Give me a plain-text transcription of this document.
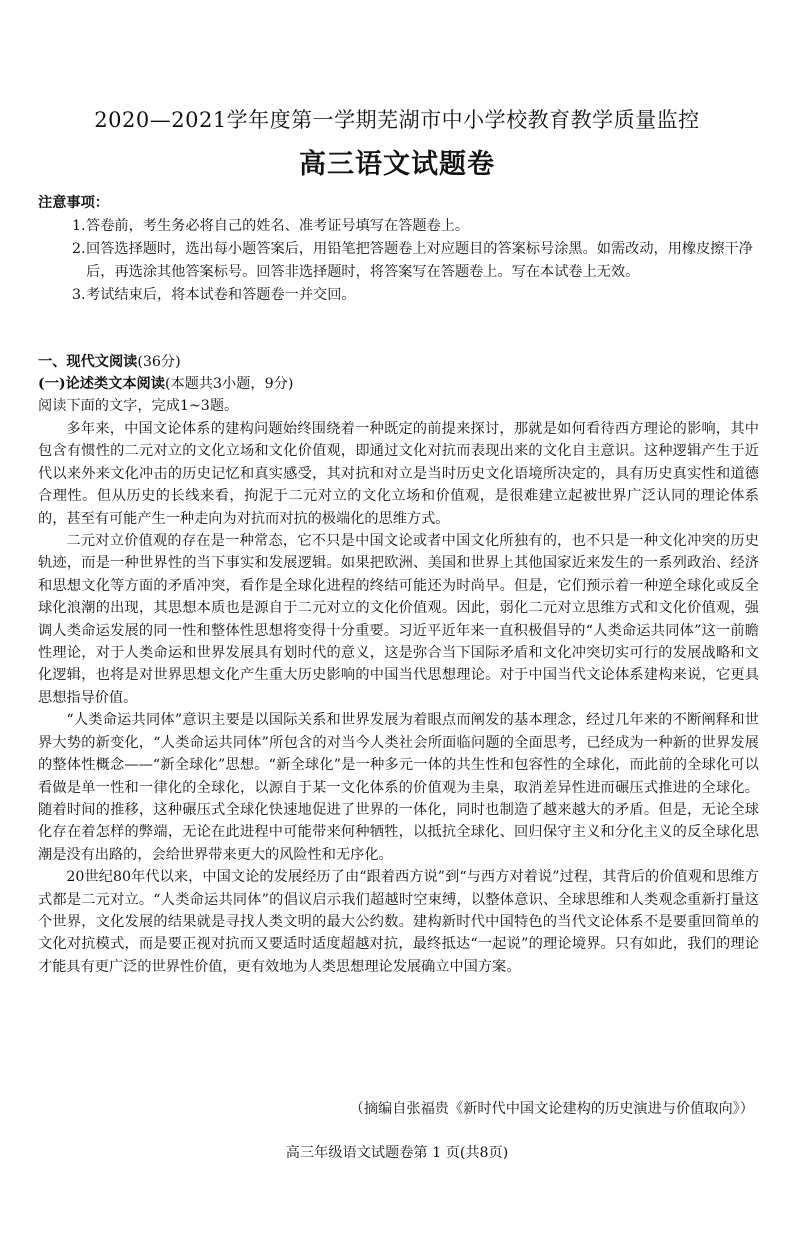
2020—2021学年度第一学期芜湖市中小学校教育教学质量监控
高三语文试题卷
注意事项：
1. 答卷前，考生务必将自己的姓名、准考证号填写在答题卷上。
2. 回答选择题时，选出每小题答案后，用铅笔把答题卷上对应题目的答案标号涂黑。如需改动，用橡皮擦干净后，再选涂其他答案标号。回答非选择题时，将答案写在答题卷上。写在本试卷上无效。
3. 考试结束后，将本试卷和答题卷一并交回。
一、现代文阅读(36分)
(一)论述类文本阅读(本题共3小题，9分)
阅读下面的文字，完成1~3题。

多年来，中国文论体系的建构问题始终围绕着一种既定的前提来探讨，那就是如何看待西方理论的影响，其中包含有惯性的二元对立的文化立场和文化价值观，即通过文化对抗而表现出来的文化自主意识。这种逻辑产生于近代以来外来文化冲击的历史记忆和真实感受，其对抗和对立是当时历史文化语境所决定的，具有历史真实性和道德合理性。但从历史的长线来看，拘泥于二元对立的文化立场和价值观，是很难建立起被世界广泛认同的理论体系的，甚至有可能产生一种走向为对抗而对抗的极端化的思维方式。

二元对立价值观的存在是一种常态，它不只是中国文论或者中国文化所独有的，也不只是一种文化冲突的历史轨迹，而是一种世界性的当下事实和发展逻辑。如果把欧洲、美国和世界上其他国家近来发生的一系列政治、经济和思想文化等方面的矛盾冲突，看作是全球化进程的终结可能还为时尚早。但是，它们预示着一种逆全球化或反全球化浪潮的出现，其思想本质也是源自于二元对立的文化价值观。因此，弱化二元对立思维方式和文化价值观，强调人类命运发展的同一性和整体性思想将变得十分重要。习近平近年来一直积极倡导的“人类命运共同体”这一前瞻性理论，对于人类命运和世界发展具有划时代的意义，这是弥合当下国际矛盾和文化冲突切实可行的发展战略和文化逻辑，也将是对世界思想文化产生重大历史影响的中国当代思想理论。对于中国当代文论体系建构来说，它更具思想指导价值。

“人类命运共同体”意识主要是以国际关系和世界发展为着眼点而阐发的基本理念，经过几年来的不断阐释和世界大势的新变化，“人类命运共同体”所包含的对当今人类社会所面临问题的全面思考，已经成为一种新的世界发展的整体性概念——“新全球化”思想。“新全球化”是一种多元一体的共生性和包容性的全球化，而此前的全球化可以看做是单一性和一律化的全球化，以源自于某一文化体系的价值观为圭臬，取消差异性进而碾压式推进的全球化。随着时间的推移，这种碾压式全球化快速地促进了世界的一体化，同时也制造了越来越大的矛盾。但是，无论全球化存在着怎样的弊端，无论在此进程中可能带来何种牺牲，以抵抗全球化、回归保守主义和分化主义的反全球化思潮是没有出路的，会给世界带来更大的风险性和无序化。

20世纪80年代以来，中国文论的发展经历了由“跟着西方说”到“与西方对着说”过程，其背后的价值观和思维方式都是二元对立。“人类命运共同体”的倡议启示我们超越时空束缚，以整体意识、全球思维和人类观念重新打量这个世界，文化发展的结果就是寻找人类文明的最大公约数。建构新时代中国特色的当代文论体系不是要重回简单的文化对抗模式，而是要正视对抗而又要适时适度超越对抗，最终抵达“一起说”的理论境界。只有如此，我们的理论才能具有更广泛的世界性价值，更有效地为人类思想理论发展确立中国方案。

（摘编自张福贵《新时代中国文论建构的历史演进与价值取向》）
高三年级语文试题卷第 1 页(共8页)
